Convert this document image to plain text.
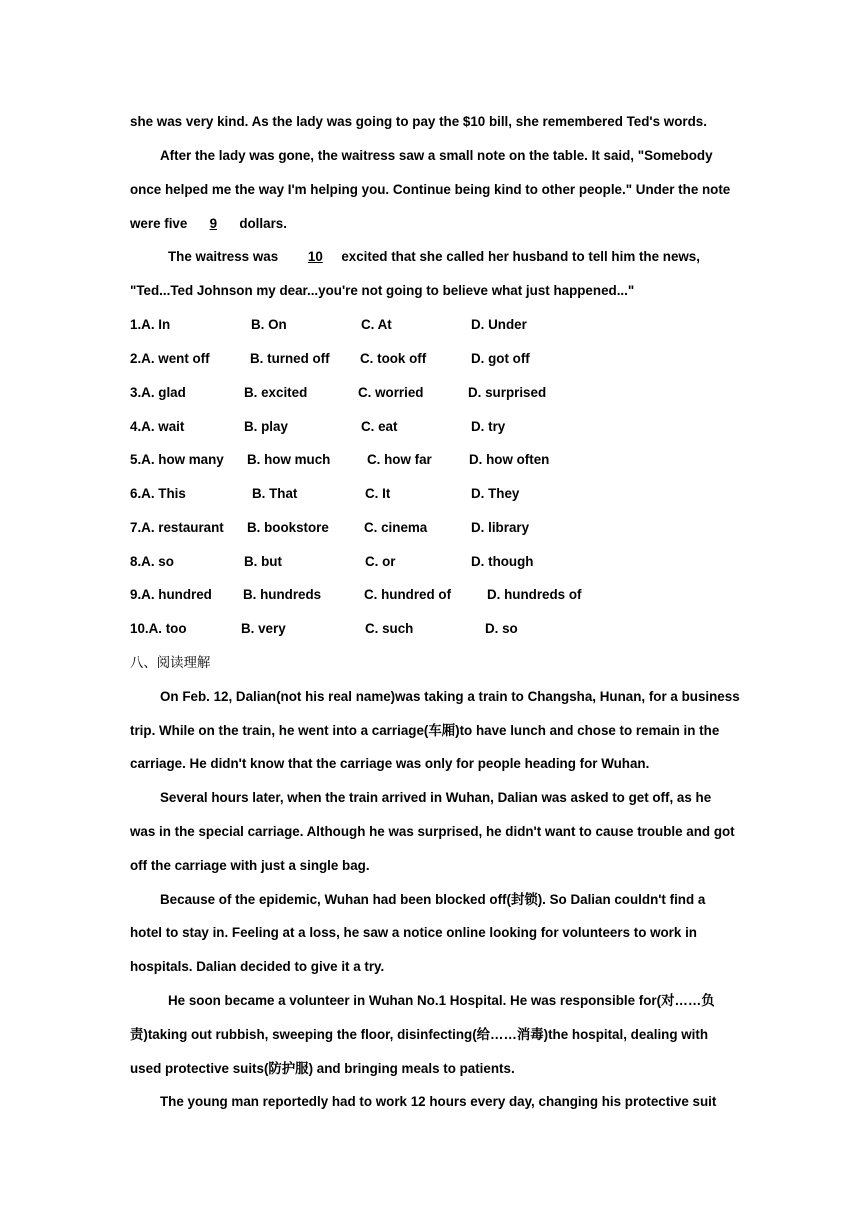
she was very kind. As the lady was going to pay the $10 bill, she remembered Ted's words.
After the lady was gone, the waitress saw a small note on the table. It said, "Somebody
once helped me the way I'm helping you. Continue being kind to other people." Under the note
were five 9 dollars.
The waitress was 10 excited that she called her husband to tell him the news,
"Ted...Ted Johnson my dear...you're not going to believe what just happened..."
1.A. In	B. On	C. At	D. Under
2.A. went off	B. turned off C. took off	D. got off
3.A. glad	B. excited	C. worried	D. surprised
4.A. wait	B. play	C. eat	D. try
5.A. how many B. how much	C. how far	D. how often
6.A. This	B. That	C. It	D. They
7.A. restaurant B. bookstore	C. cinema	D. library
8.A. so	B. but	C. or	D. though
9.A. hundred B. hundreds	C. hundred of	D. hundreds of
10.A. too	B. very	C. such	D. so
八、阅读理解
On Feb. 12, Dalian(not his real name)was taking a train to Changsha, Hunan, for a business
trip. While on the train, he went into a carriage(车厢)to have lunch and chose to remain in the
carriage. He didn't know that the carriage was only for people heading for Wuhan.
Several hours later, when the train arrived in Wuhan, Dalian was asked to get off, as he
was in the special carriage. Although he was surprised, he didn't want to cause trouble and got
off the carriage with just a single bag.
Because of the epidemic, Wuhan had been blocked off(封锁). So Dalian couldn't find a
hotel to stay in. Feeling at a loss, he saw a notice online looking for volunteers to work in
hospitals. Dalian decided to give it a try.
He soon became a volunteer in Wuhan No.1 Hospital. He was responsible for(对……负
责)taking out rubbish, sweeping the floor, disinfecting(给……消毒)the hospital, dealing with
used protective suits(防护服) and bringing meals to patients.
The young man reportedly had to work 12 hours every day, changing his protective suit
